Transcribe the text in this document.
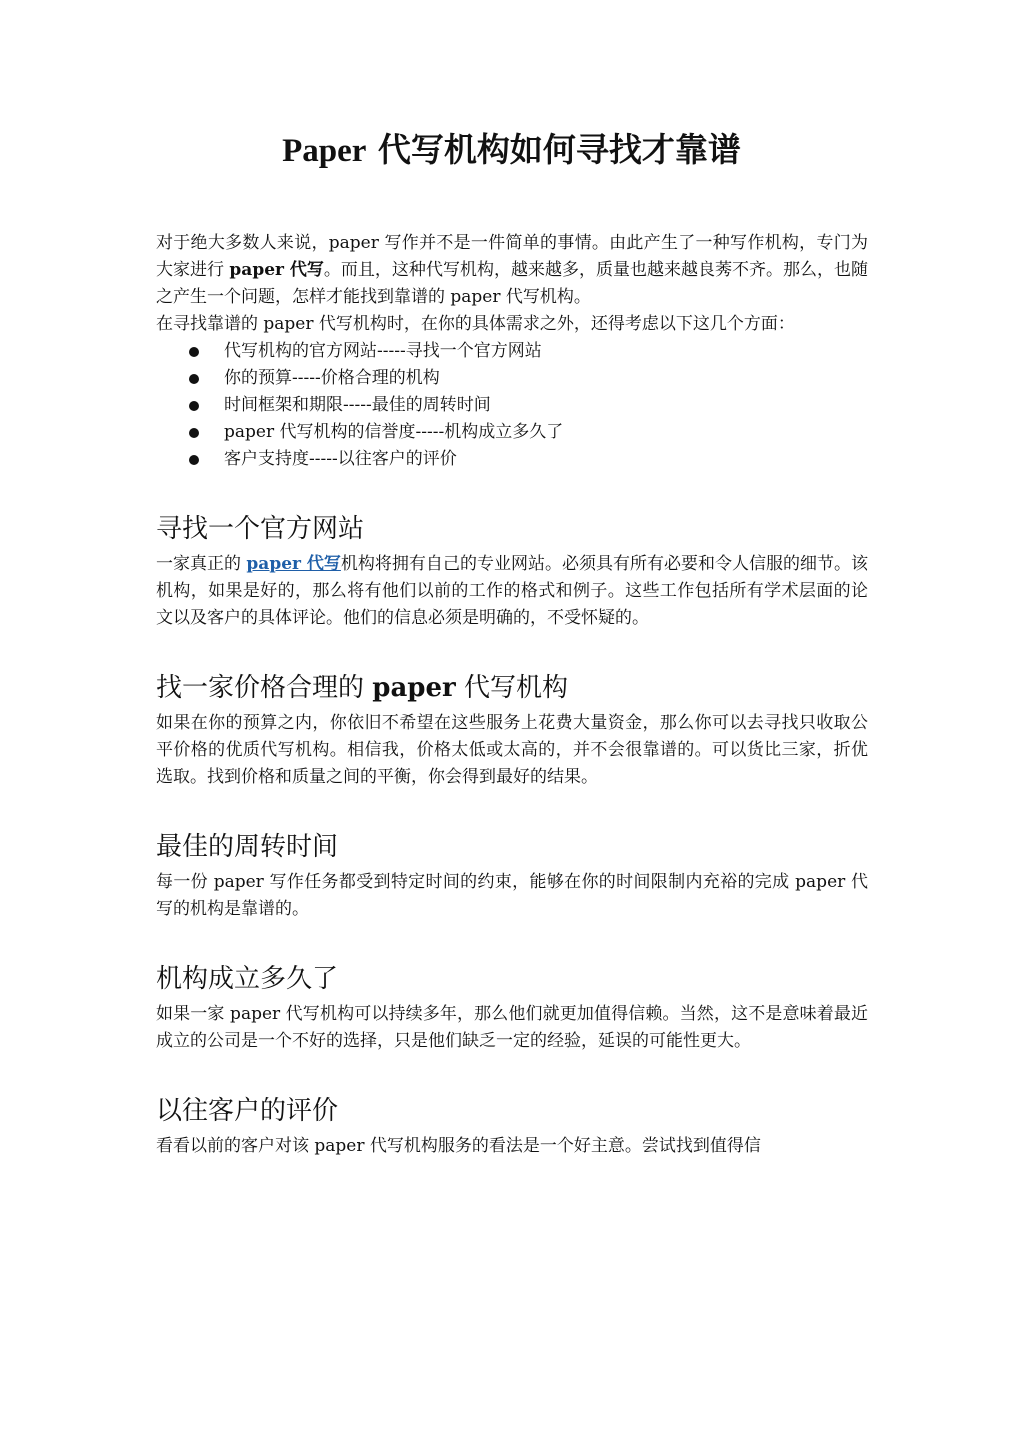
Paper 代写机构如何寻找才靠谱

对于绝大多数人来说，paper 写作并不是一件简单的事情。由此产生了一种写作机构，专门为大家进行 paper 代写。而且，这种代写机构，越来越多，质量也越来越良莠不齐。那么，也随之产生一个问题，怎样才能找到靠谱的 paper 代写机构。

在寻找靠谱的 paper 代写机构时，在你的具体需求之外，还得考虑以下这几个方面：

代写机构的官方网站-----寻找一个官方网站
你的预算-----价格合理的机构
时间框架和期限-----最佳的周转时间
paper 代写机构的信誉度-----机构成立多久了
客户支持度-----以往客户的评价
寻找一个官方网站

一家真正的 paper 代写机构将拥有自己的专业网站。必须具有所有必要和令人信服的细节。该机构，如果是好的，那么将有他们以前的工作的格式和例子。这些工作包括所有学术层面的论文以及客户的具体评论。他们的信息必须是明确的，不受怀疑的。

找一家价格合理的 paper 代写机构

如果在你的预算之内，你依旧不希望在这些服务上花费大量资金，那么你可以去寻找只收取公平价格的优质代写机构。相信我，价格太低或太高的，并不会很靠谱的。可以货比三家，折优选取。找到价格和质量之间的平衡，你会得到最好的结果。

最佳的周转时间

每一份 paper 写作任务都受到特定时间的约束，能够在你的时间限制内充裕的完成 paper 代写的机构是靠谱的。

机构成立多久了

如果一家 paper 代写机构可以持续多年，那么他们就更加值得信赖。当然，这不是意味着最近成立的公司是一个不好的选择，只是他们缺乏一定的经验，延误的可能性更大。

以往客户的评价

看看以前的客户对该 paper 代写机构服务的看法是一个好主意。尝试找到值得信
